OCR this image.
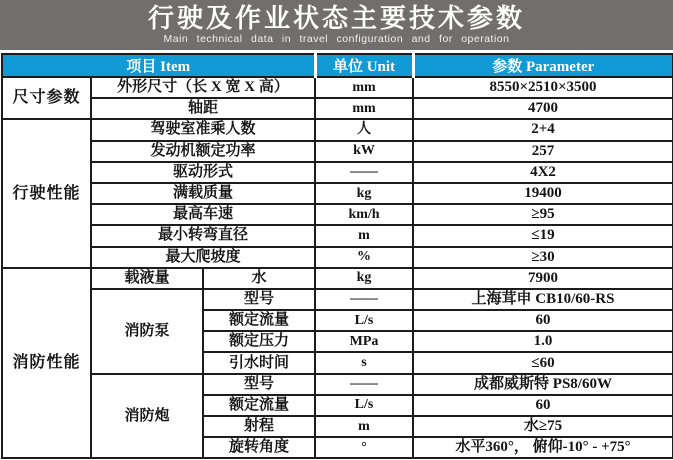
行驶及作业状态主要技术参数
Main technical data in travel configuration and for operation
项目 Item			单位 Unit	参数 Parameter
尺寸参数	外形尺寸（长 X 宽 X 高）		mm	8550×2510×3500
	轴距		mm	4700
行驶性能	驾驶室准乘人数		人	2+4
	发动机额定功率		kW	257
	驱动形式		——	4X2
	满载质量		kg	19400
	最高车速		km/h	≥95
	最小转弯直径		m	≤19
	最大爬坡度		%	≥30
消防性能	载液量	水	kg	7900
	消防泵	型号	——	上海茸申 CB10/60-RS
		额定流量	L/s	60
		额定压力	MPa	1.0
		引水时间	s	≤60
	消防炮	型号	——	成都威斯特 PS8/60W
		额定流量	L/s	60
		射程	m	水≥75
		旋转角度	°	水平360°， 俯仰-10° - +75°
